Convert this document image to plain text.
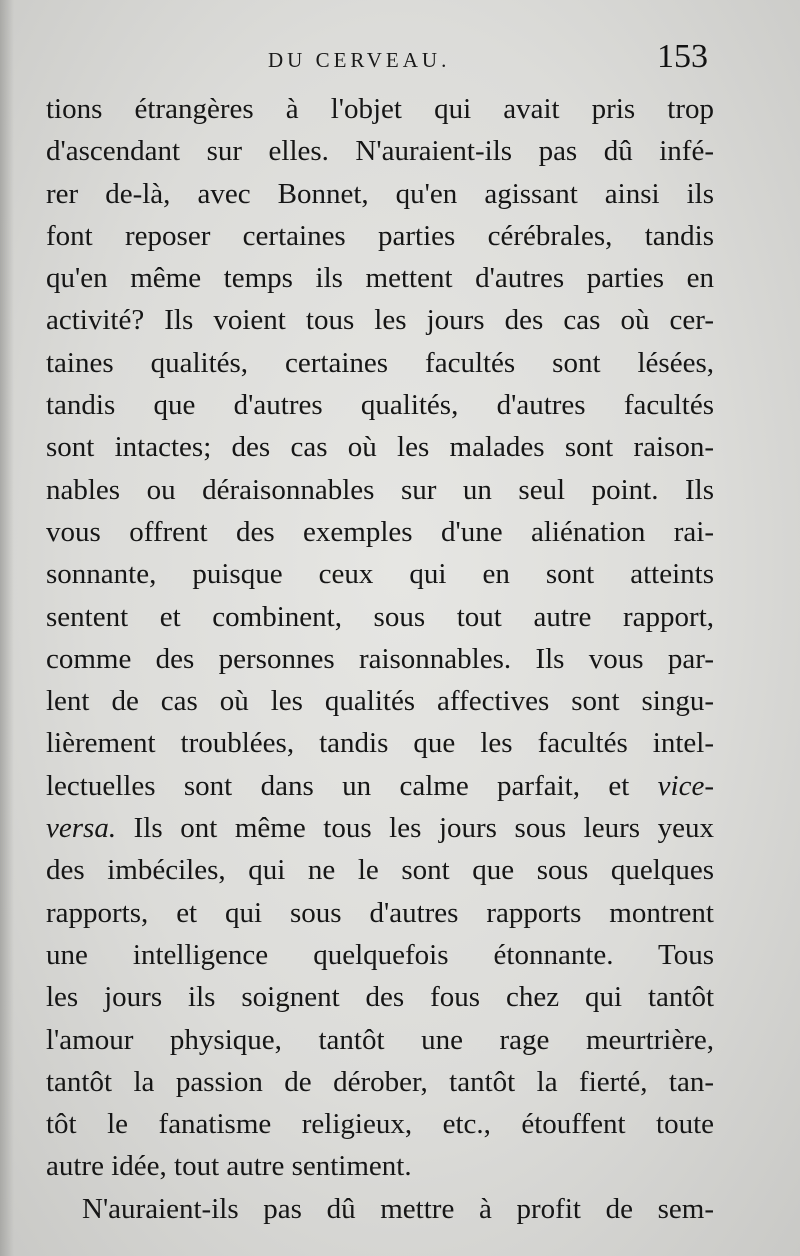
DU CERVEAU.	153
tions étrangères à l'objet qui avait pris trop
d'ascendant sur elles. N'auraient-ils pas dû infé-
rer de-là, avec Bonnet, qu'en agissant ainsi ils
font reposer certaines parties cérébrales, tandis
qu'en même temps ils mettent d'autres parties en
activité? Ils voient tous les jours des cas où cer-
taines qualités, certaines facultés sont lésées,
tandis que d'autres qualités, d'autres facultés
sont intactes; des cas où les malades sont raison-
nables ou déraisonnables sur un seul point. Ils
vous offrent des exemples d'une aliénation rai-
sonnante, puisque ceux qui en sont atteints
sentent et combinent, sous tout autre rapport,
comme des personnes raisonnables. Ils vous par-
lent de cas où les qualités affectives sont singu-
lièrement troublées, tandis que les facultés intel-
lectuelles sont dans un calme parfait, et vice-
versa. Ils ont même tous les jours sous leurs yeux
des imbéciles, qui ne le sont que sous quelques
rapports, et qui sous d'autres rapports montrent
une intelligence quelquefois étonnante. Tous
les jours ils soignent des fous chez qui tantôt
l'amour physique, tantôt une rage meurtrière,
tantôt la passion de dérober, tantôt la fierté, tan-
tôt le fanatisme religieux, etc., étouffent toute
autre idée, tout autre sentiment.
N'auraient-ils pas dû mettre à profit de sem-
